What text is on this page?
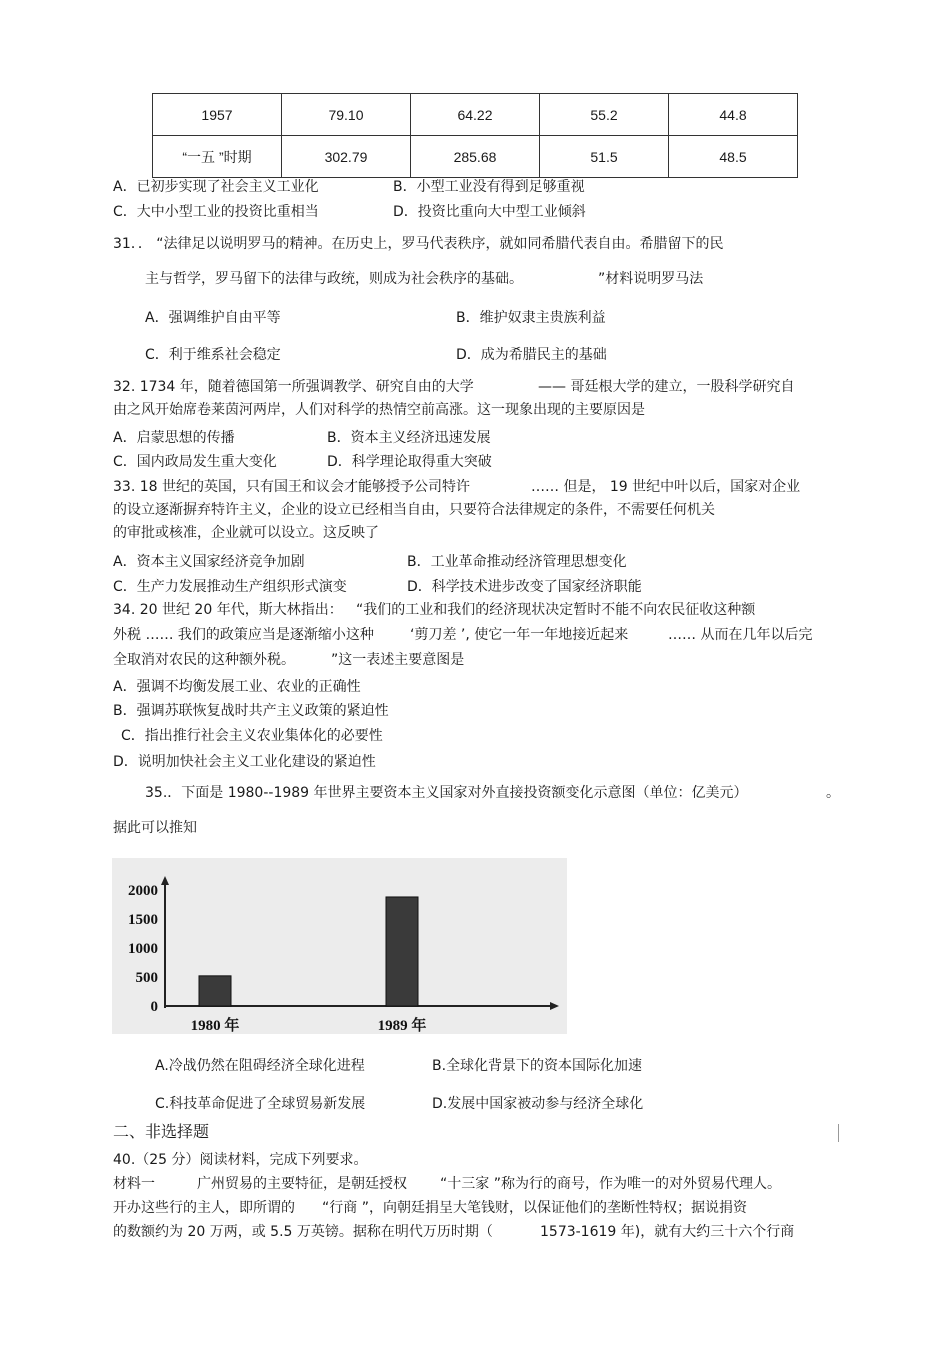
1957	79.10	64.22	55.2	44.8
“一五 ”时期	302.79	285.68	51.5	48.5
A．已初步实现了社会主义工业化	B．小型工业没有得到足够重视
C．大中小型工业的投资比重相当	D．投资比重向大中型工业倾斜
31．． “法律足以说明罗马的精神。在历史上，罗马代表秩序，就如同希腊代表自由。希腊留下的民
主与哲学，罗马留下的法律与政统，则成为社会秩序的基础。	”材料说明罗马法
A．强调维护自由平等	B．维护奴隶主贵族利益
C．利于维系社会稳定	D．成为希腊民主的基础
32. 1734 年，随着德国第一所强调教学、研究自由的大学	—— 哥廷根大学的建立，一股科学研究自
由之风开始席卷莱茵河两岸，人们对科学的热情空前高涨。这一现象出现的主要原因是
A．启蒙思想的传播	B．资本主义经济迅速发展
C．国内政局发生重大变化	D．科学理论取得重大突破
33. 18 世纪的英国，只有国王和议会才能够授予公司特许	…… 但是， 19 世纪中叶以后，国家对企业
的设立逐渐摒弃特许主义，企业的设立已经相当自由，只要符合法律规定的条件，不需要任何机关
的审批或核准，企业就可以设立。这反映了
A．资本主义国家经济竞争加剧	B．工业革命推动经济管理思想变化
C．生产力发展推动生产组织形式演变	D．科学技术进步改变了国家经济职能
34. 20 世纪 20 年代，斯大林指出： “我们的工业和我们的经济现状决定暂时不能不向农民征收这种额
外税 …… 我们的政策应当是逐渐缩小这种	‘剪刀差 ’, 使它一年一年地接近起来	…… 从而在几年以后完
全取消对农民的这种额外税。	”这一表述主要意图是
A．强调不均衡发展工业、农业的正确性
B．强调苏联恢复战时共产主义政策的紧迫性
C．指出推行社会主义农业集体化的必要性
D．说明加快社会主义工业化建设的紧迫性
35.．下面是 1980--1989 年世界主要资本主义国家对外直接投资额变化示意图（单位：亿美元）	。
据此可以推知
0
500
1000
1500
2000
1980 年	1989 年
A.冷战仍然在阻碍经济全球化进程	B.全球化背景下的资本国际化加速
C.科技革命促进了全球贸易新发展	D.发展中国家被动参与经济全球化
二、非选择题
40.（25 分）阅读材料，完成下列要求。
材料一	广州贸易的主要特征，是朝廷授权 “十三家 ”称为行的商号，作为唯一的对外贸易代理人。
开办这些行的主人，即所谓的 “行商 ”，向朝廷捐呈大笔钱财，以保证他们的垄断性特权；据说捐资
的数额约为 20 万两，或 5.5 万英镑。据称在明代万历时期（	1573-1619 年)，就有大约三十六个行商
